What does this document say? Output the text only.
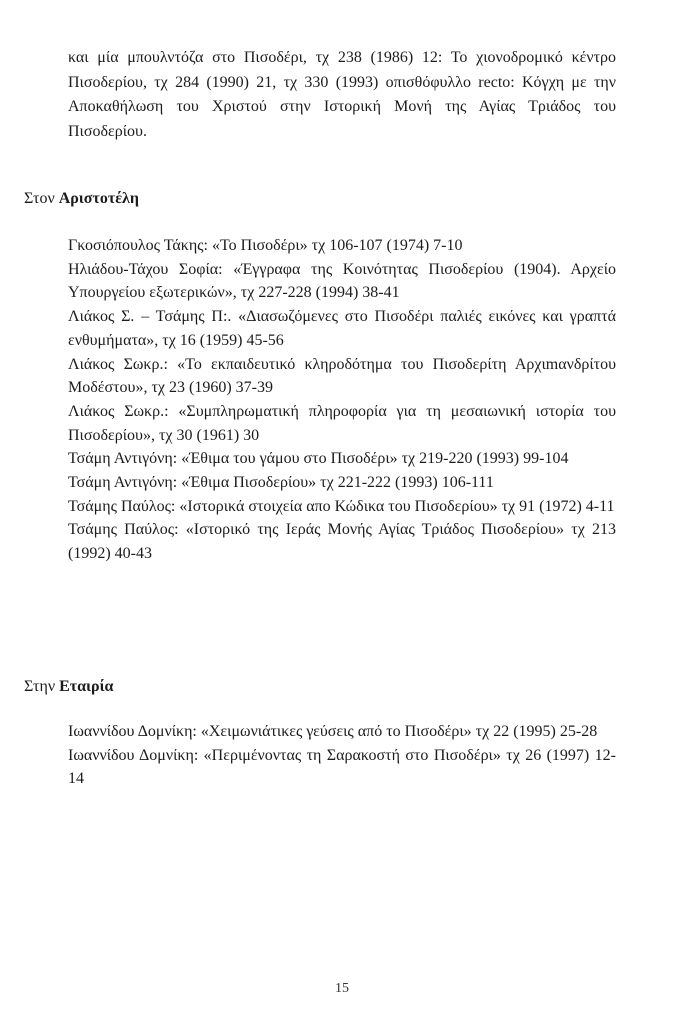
και μία μπουλντόζα στο Πισοδέρι, τχ 238 (1986) 12: Το χιονοδρομικό κέντρο Πισοδερίου, τχ 284 (1990) 21, τχ 330 (1993) οπισθόφυλλο recto: Κόγχη με την Αποκαθήλωση του Χριστού στην Ιστορική Μονή της Αγίας Τριάδος του Πισοδερίου.

Στον Αριστοτέλη
Γκοσιόπουλος Τάκης: «Το Πισοδέρι» τχ 106-107 (1974) 7-10
Ηλιάδου-Τάχου Σοφία: «Έγγραφα της Κοινότητας Πισοδερίου (1904). Αρχείο Υπουργείου εξωτερικών», τχ 227-228 (1994) 38-41
Λιάκος Σ. – Τσάμης Π:. «Διασωζόμενες στο Πισοδέρι παλιές εικόνες και γραπτά ενθυμήματα», τχ 16 (1959) 45-56
Λιάκος Σωκρ.: «Το εκπαιδευτικό κληροδότημα του Πισοδερίτη Αρχιmανδρίτου Μοδέστου», τχ 23 (1960) 37-39
Λιάκος Σωκρ.: «Συμπληρωματική πληροφορία για τη μεσαιωνική ιστορία του Πισοδερίου», τχ 30 (1961) 30
Τσάμη Αντιγόνη: «Έθιμα του γάμου στο Πισοδέρι» τχ 219-220 (1993) 99-104
Τσάμη Αντιγόνη: «Έθιμα Πισοδερίου» τχ 221-222 (1993) 106-111
Τσάμης Παύλος: «Ιστορικά στοιχεία απο Κώδικα του Πισοδερίου» τχ 91 (1972) 4-11
Τσάμης Παύλος: «Ιστορικό της Ιεράς Μονής Αγίας Τριάδος Πισοδερίου» τχ 213 (1992) 40-43
Στην Εταιρία
Ιωαννίδου Δομνίκη: «Χειμωνιάτικες γεύσεις από το Πισοδέρι» τχ 22 (1995) 25-28
Ιωαννίδου Δομνίκη: «Περιμένοντας τη Σαρακοστή στο Πισοδέρι» τχ 26 (1997) 12-14

15
